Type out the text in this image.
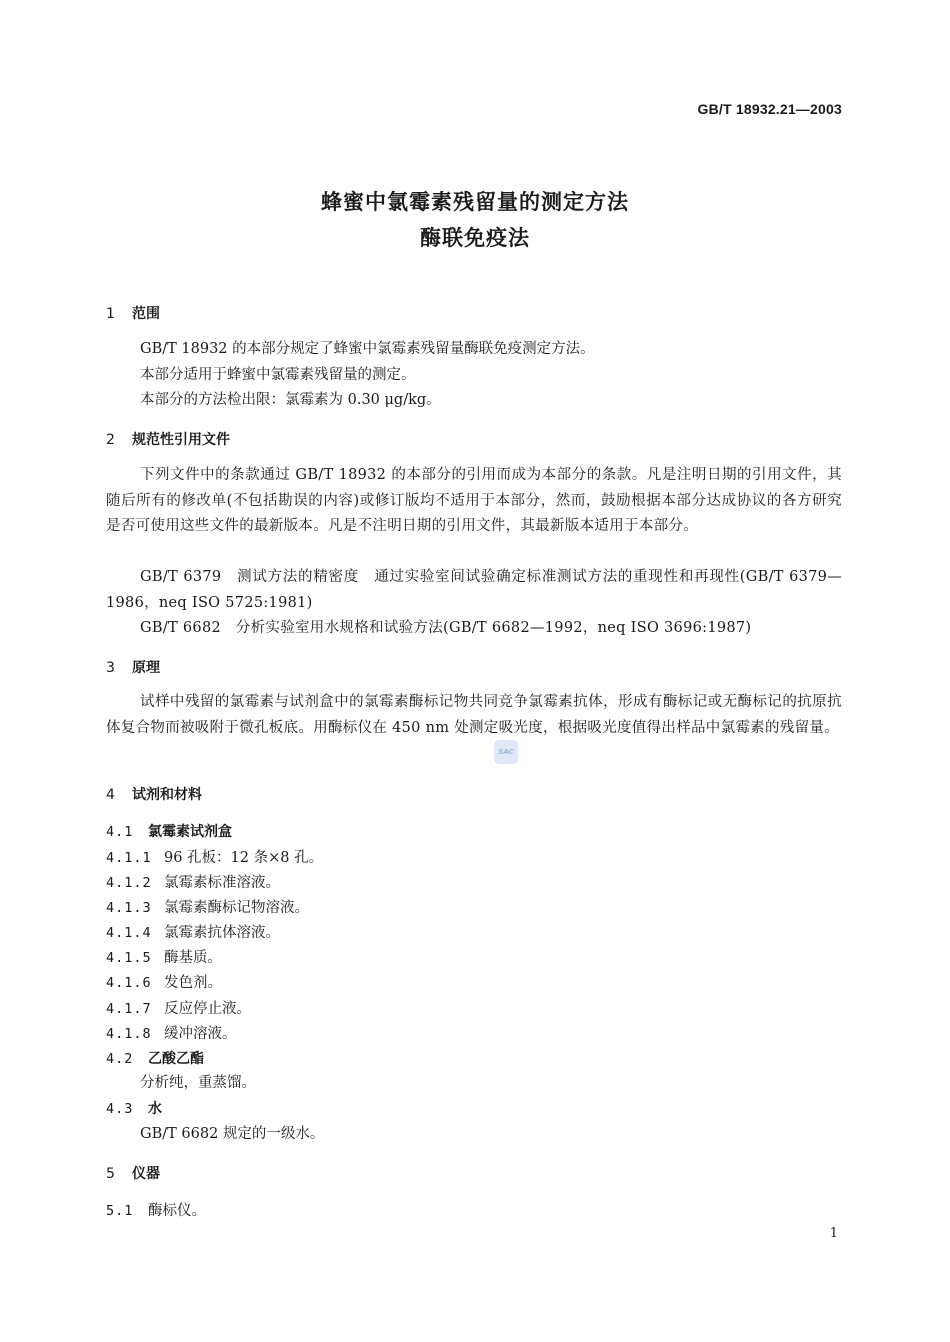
GB/T 18932.21—2003
蜂蜜中氯霉素残留量的测定方法
酶联免疫法
1 范围
GB/T 18932 的本部分规定了蜂蜜中氯霉素残留量酶联免疫测定方法。
本部分适用于蜂蜜中氯霉素残留量的测定。
本部分的方法检出限：氯霉素为 0.30 μg/kg。
2 规范性引用文件
下列文件中的条款通过 GB/T 18932 的本部分的引用而成为本部分的条款。凡是注明日期的引用文件，其随后所有的修改单(不包括勘误的内容)或修订版均不适用于本部分，然而，鼓励根据本部分达成协议的各方研究是否可使用这些文件的最新版本。凡是不注明日期的引用文件，其最新版本适用于本部分。
GB/T 6379　测试方法的精密度　通过实验室间试验确定标准测试方法的重现性和再现性(GB/T 6379—1986，neq ISO 5725:1981)
GB/T 6682　分析实验室用水规格和试验方法(GB/T 6682—1992，neq ISO 3696:1987)
3 原理
试样中残留的氯霉素与试剂盒中的氯霉素酶标记物共同竞争氯霉素抗体，形成有酶标记或无酶标记的抗原抗体复合物而被吸附于微孔板底。用酶标仪在 450 nm 处测定吸光度，根据吸光度值得出样品中氯霉素的残留量。
SAC
4 试剂和材料
4.1 氯霉素试剂盒
4.1.1 96 孔板：12 条×8 孔。
4.1.2 氯霉素标准溶液。
4.1.3 氯霉素酶标记物溶液。
4.1.4 氯霉素抗体溶液。
4.1.5 酶基质。
4.1.6 发色剂。
4.1.7 反应停止液。
4.1.8 缓冲溶液。
4.2 乙酸乙酯
分析纯，重蒸馏。
4.3 水
GB/T 6682 规定的一级水。
5 仪器
5.1 酶标仪。
1
